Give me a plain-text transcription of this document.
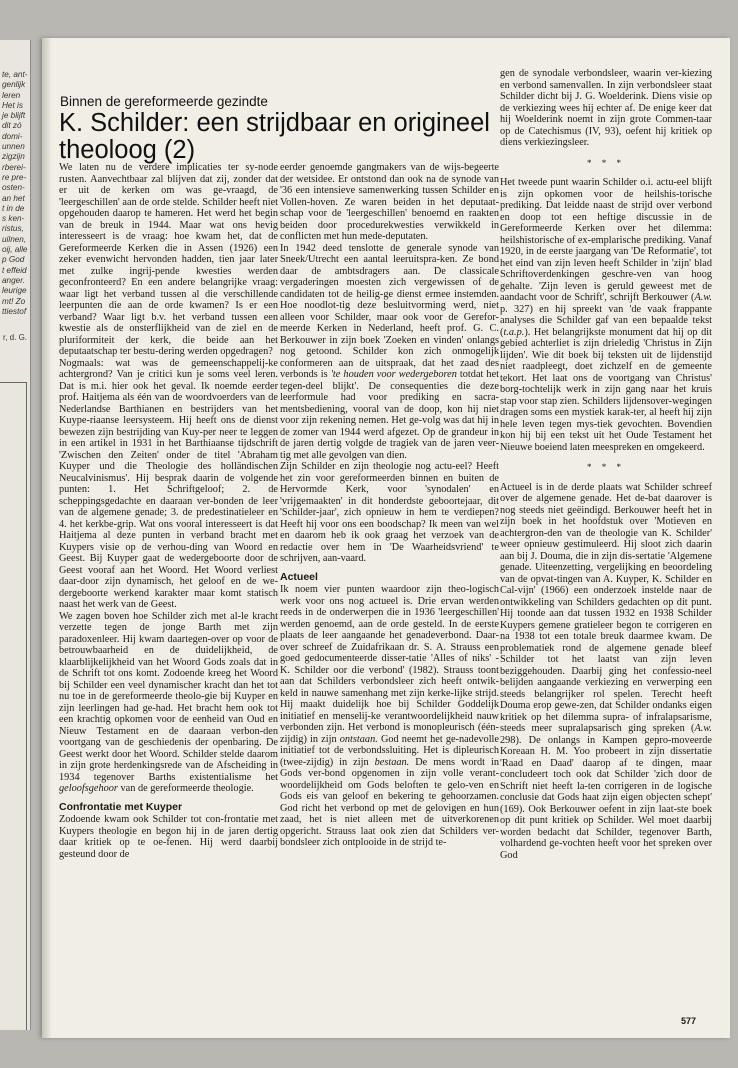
te, ant-
genlijk
leren
Het is
je blijft
dit zó
domi-
unnen
zigzijn
rberei-
re pre-
osten-
an het
t in de
s ken-
ristus,
uilnen,
oij, alle
p God
t effeid
anger.
leurige
mt! Zo
ttiestof
r, d. G.
Binnen de gereformeerde gezindte
K. Schilder: een strijdbaar en origineel theoloog (2)

We laten nu de verdere implicaties ter sy-node rusten. Aanvechtbaar zal blijven dat zij, zonder dat er uit de kerken om was ge-vraagd, de 'leergeschillen' aan de orde stelde. Schilder heeft niet opgehouden daarop te hameren. Het werd het begin van de breuk in 1944. Maar wat ons hevig interesseert is de vraag: hoe kwam het, dat de Gereformeerde Kerken die in Assen (1926) een zeker evenwicht hervonden hadden, tien jaar later met zulke ingrij-pende kwesties werden geconfronteerd? En een andere belangrijke vraag: waar ligt het verband tussen al die verschillende leerpunten die aan de orde kwamen? Is er een verband? Waar ligt b.v. het verband tussen een kwestie als de onsterflijkheid van de ziel en de pluriformiteit der kerk, die beide aan het deputaatschap ter bestu-dering werden opgedragen?

Nogmaals: wat was de gemeenschappelij-ke achtergrond? Van je critici kun je soms veel leren. Dat is m.i. hier ook het geval. Ik noemde eerder prof. Haitjema als één van de woordvoerders van de Nederlandse Barthianen en bestrijders van het Kuype-riaanse leersysteem. Hij heeft ons de dienst bewezen zijn bestrijding van Kuy-per neer te leggen in een artikel in 1931 in het Barthiaanse tijdschrift 'Zwischen den Zeiten' onder de titel 'Abraham Kuyper und die Theologie des holländischen Neucalvinismus'. Hij besprak daarin de volgende punten: 1. Het Schriftgeloof; 2. de scheppingsgedachte en daaraan ver-bonden de leer van de algemene genade; 3. de predestinatieleer en 4. het kerkbe-grip. Wat ons vooral interesseert is dat Haitjema al deze punten in verband bracht met Kuypers visie op de verhou-ding van Woord en Geest. Bij Kuyper gaat de wedergeboorte door de Geest vooraf aan het Woord. Het Woord verliest daar-door zijn dynamisch, het geloof en de we-dergeboorte werkend karakter maar komt statisch naast het werk van de Geest.

We zagen boven hoe Schilder zich met al-le kracht verzette tegen de jonge Barth met zijn paradoxenleer. Hij kwam daartegen-over op voor de betrouwbaarheid en de duidelijkheid, de klaarblijkelijkheid van het Woord Gods zoals dat in de Schrift tot ons komt. Zodoende kreeg het Woord bij Schilder een veel dynamischer kracht dan het tot nu toe in de gereformeerde theolo-gie bij Kuyper en zijn leerlingen had ge-had. Het bracht hem ook tot een krachtig opkomen voor de eenheid van Oud en Nieuw Testament en de daaraan verbon-den voortgang van de geschiedenis der openbaring. De Geest werkt door het Woord. Schilder stelde daarom in zijn grote herdenkingsrede van de Afscheiding in 1934 tegenover Barths existentialisme het geloofsgehoor van de gereformeerde theologie.

Confrontatie met Kuyper

Zodoende kwam ook Schilder tot con-frontatie met Kuypers theologie en begon hij in de jaren dertig daar kritiek op te oe-fenen. Hij werd daarbij gesteund door de

eerder genoemde gangmakers van de wijs-begeerte der wetsidee. Er ontstond dan ook na de synode van '36 een intensieve samenwerking tussen Schilder en Vollen-hoven. Ze waren beiden in het deputaat-schap voor de 'leergeschillen' benoemd en raakten beiden door procedurekwesties verwikkeld in conflicten met hun mede-deputaten.

In 1942 deed tenslotte de generale synode van Sneek/Utrecht een aantal leeruitspra-ken. Ze bond daar de ambtsdragers aan. De classicale vergaderingen moesten zich vergewissen of de candidaten tot de heilig-ge dienst ermee instemden. Hoe noodlot-tig deze besluitvorming werd, niet alleen voor Schilder, maar ook voor de Gerefor-meerde Kerken in Nederland, heeft prof. G. C. Berkouwer in zijn boek 'Zoeken en vinden' onlangs nog getoond. Schilder kon zich onmogelijk conformeren aan de uitspraak, dat het zaad des verbonds is 'te houden voor wedergeboren totdat het tegen-deel blijkt'. De consequenties die deze leerformule had voor prediking en sacra-mentsbediening, vooral van de doop, kon hij niet voor zijn rekening nemen. Het ge-volg was dat hij in de zomer van 1944 werd afgezet. Op de grandeur in de jaren dertig volgde de tragiek van de jaren veer-tig met alle gevolgen van dien.

Zijn Schilder en zijn theologie nog actu-eel? Heeft het zin voor gereformeerden binnen en buiten de Hervormde Kerk, voor 'synodalen' en 'vrijgemaakten' in dit honderdste geboortejaar, dit 'Schilder-jaar', zich opnieuw in hem te verdiepen? Heeft hij voor ons een boodschap? Ik meen van wel en daarom heb ik ook graag het verzoek van de redactie over hem in 'De Waarheidsvriend' te schrijven, aan-vaard.

Actueel

Ik noem vier punten waardoor zijn theo-logisch werk voor ons nog actueel is. Drie ervan werden reeds in de onderwerpen die in 1936 'leergeschillen' werden genoemd, aan de orde gesteld. In de eerste plaats de leer aangaande het genadeverbond. Daar-over schreef de Zuidafrikaan dr. S. A. Strauss een goed gedocumenteerde disser-tatie 'Alles of niks' - K. Schilder oor die verbond' (1982). Strauss toont aan dat Schilders verbondsleer zich heeft ontwik-keld in nauwe samenhang met zijn kerke-lijke strijd. Hij maakt duidelijk hoe bij Schilder Goddelijk initiatief en menselij-ke verantwoordelijkheid nauw verbonden zijn. Het verbond is monopleurisch (één-zijdig) in zijn ontstaan. God neemt het ge-nadevolle initiatief tot de verbondssluiting. Het is dipleurisch (twee-zijdig) in zijn bestaan. De mens wordt in Gods ver-bond opgenomen in zijn volle verant-woordelijkheid om Gods beloften te gelo-ven en Gods eis van geloof en bekering te gehoorzamen. God richt het verbond op met de gelovigen en hun zaad, het is niet alleen met de uitverkorenen opgericht. Strauss laat ook zien dat Schilders ver-bondsleer zich ontplooide in de strijd te-

gen de synodale verbondsleer, waarin ver-kiezing en verbond samenvallen. In zijn verbondsleer staat Schilder dicht bij J. G. Woelderink. Diens visie op de verkiezing wees hij echter af. De enige keer dat hij Woelderink noemt in zijn grote Commen-taar op de Catechismus (IV, 93), oefent hij kritiek op diens verkiezingsleer.

* * *

Het tweede punt waarin Schilder o.i. actu-eel blijft is zijn opkomen voor de heilshis-torische prediking. Dat leidde naast de strijd over verbond en doop tot een heftige discussie in de Gereformeerde Kerken over het dilemma: heilshistorische of ex-emplarische prediking. Vanaf 1920, in de eerste jaargang van 'De Reformatie', tot het eind van zijn leven heeft Schilder in 'zijn' blad Schriftoverdenkingen geschre-ven van hoog gehalte. 'Zijn leven is geruld geweest met de aandacht voor de Schrift', schrijft Berkouwer (A.w. p. 327) en hij spreekt van 'de vaak frappante analyses die Schilder gaf van een bepaalde tekst (t.a.p.). Het belangrijkste monument dat hij op dit gebied achterliet is zijn drieledig 'Christus in Zijn lijden'. Wie dit boek bij teksten uit de lijdenstijd niet raadpleegt, doet zichzelf en de gemeente tekort. Het laat ons de voortgang van Christus' borg-tochtelijk werk in zijn gang naar het kruis stap voor stap zien. Schilders lijdensover-wegingen dragen soms een mystiek karak-ter, al heeft hij zijn hele leven tegen mys-tiek gevochten. Bovendien kon hij bij een tekst uit het Oude Testament het Nieuwe boeiend laten meespreken en omgekeerd.

* * *

Actueel is in de derde plaats wat Schilder schreef over de algemene genade. Het de-bat daarover is nog steeds niet geëindigd. Berkouwer heeft het in zijn boek in het hoofdstuk over 'Motieven en achtergron-den van de theologie van K. Schilder' weer opnieuw gestimuleerd. Hij sloot zich daarin aan bij J. Douma, die in zijn dis-sertatie 'Algemene genade. Uiteenzetting, vergelijking en beoordeling van de opvat-tingen van A. Kuyper, K. Schilder en Cal-vijn' (1966) een onderzoek instelde naar de ontwikkeling van Schilders gedachten op dit punt. Hij toonde aan dat tussen 1932 en 1938 Schilder Kuypers gemene gratieleer begon te corrigeren en na 1938 tot een totale breuk daarmee kwam. De problematiek rond de algemene genade bleef Schilder tot het laatst van zijn leven beziggehouden. Daarbij ging het confessio-neel belijden aangaande verkiezing en verwerping een steeds belangrijker rol spelen. Terecht heeft Douma erop gewe-zen, dat Schilder ondanks eigen kritiek op het dilemma supra- of infralapsarisme, steeds meer supralapsarisch ging spreken (A.w. 298). De onlangs in Kampen gepro-moveerde Koreaan H. M. Yoo probeert in zijn dissertatie 'Raad en Daad' daarop af te dingen, maar concludeert toch ook dat Schilder 'zich door de Schrift niet heeft la-ten corrigeren in de logische conclusie dat Gods haat zijn eigen objecten schept' (169). Ook Berkouwer oefent in zijn laat-ste boek op dit punt kritiek op Schilder. Wel moet daarbij worden bedacht dat Schilder, tegenover Barth, volhardend ge-vochten heeft voor het spreken over God

577
